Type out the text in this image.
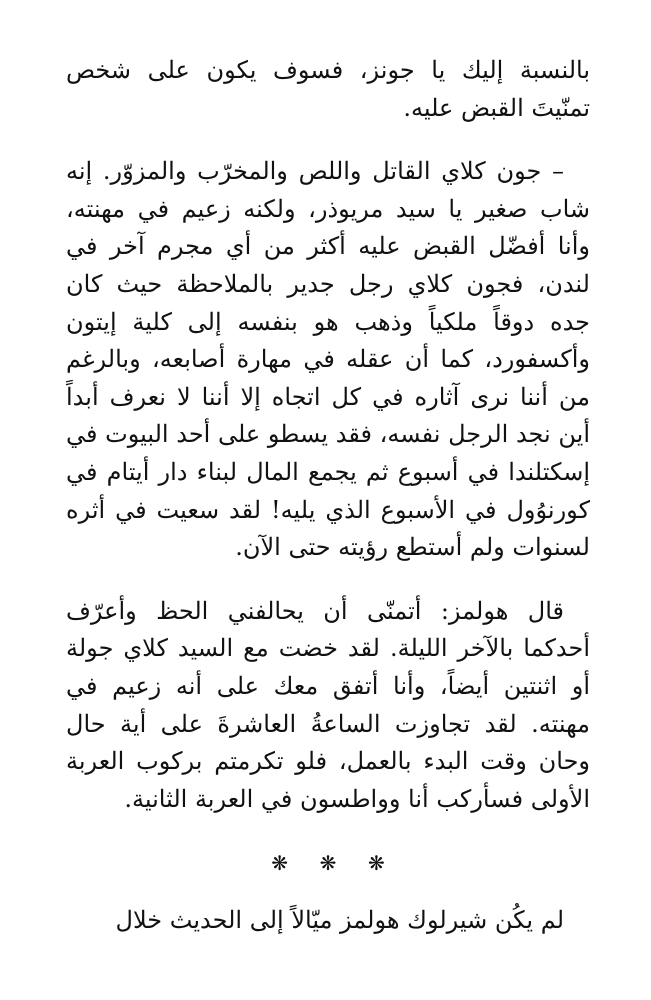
بالنسبة إليك يا جونز، فسوف يكون على شخص تمنّيتَ القبض عليه.

– جون كلاي القاتل واللص والمخرّب والمزوّر. إنه شاب صغير يا سيد مريوذر، ولكنه زعيم في مهنته، وأنا أفضّل القبض عليه أكثر من أي مجرم آخر في لندن، فجون كلاي رجل جدير بالملاحظة حيث كان جده دوقاً ملكياً وذهب هو بنفسه إلى كلية إيتون وأكسفورد، كما أن عقله في مهارة أصابعه، وبالرغم من أننا نرى آثاره في كل اتجاه إلا أننا لا نعرف أبداً أين نجد الرجل نفسه، فقد يسطو على أحد البيوت في إسكتلندا في أسبوع ثم يجمع المال لبناء دار أيتام في كورنوُول في الأسبوع الذي يليه! لقد سعيت في أثره لسنوات ولم أستطع رؤيته حتى الآن.

قال هولمز: أتمنّى أن يحالفني الحظ وأعرّف أحدكما بالآخر الليلة. لقد خضت مع السيد كلاي جولة أو اثنتين أيضاً، وأنا أتفق معك على أنه زعيم في مهنته. لقد تجاوزت الساعةُ العاشرةَ على أية حال وحان وقت البدء بالعمل، فلو تكرمتم بركوب العربة الأولى فسأركب أنا وواطسون في العربة الثانية.

❋ ❋ ❋

لم يكُن شيرلوك هولمز ميّالاً إلى الحديث خلال
